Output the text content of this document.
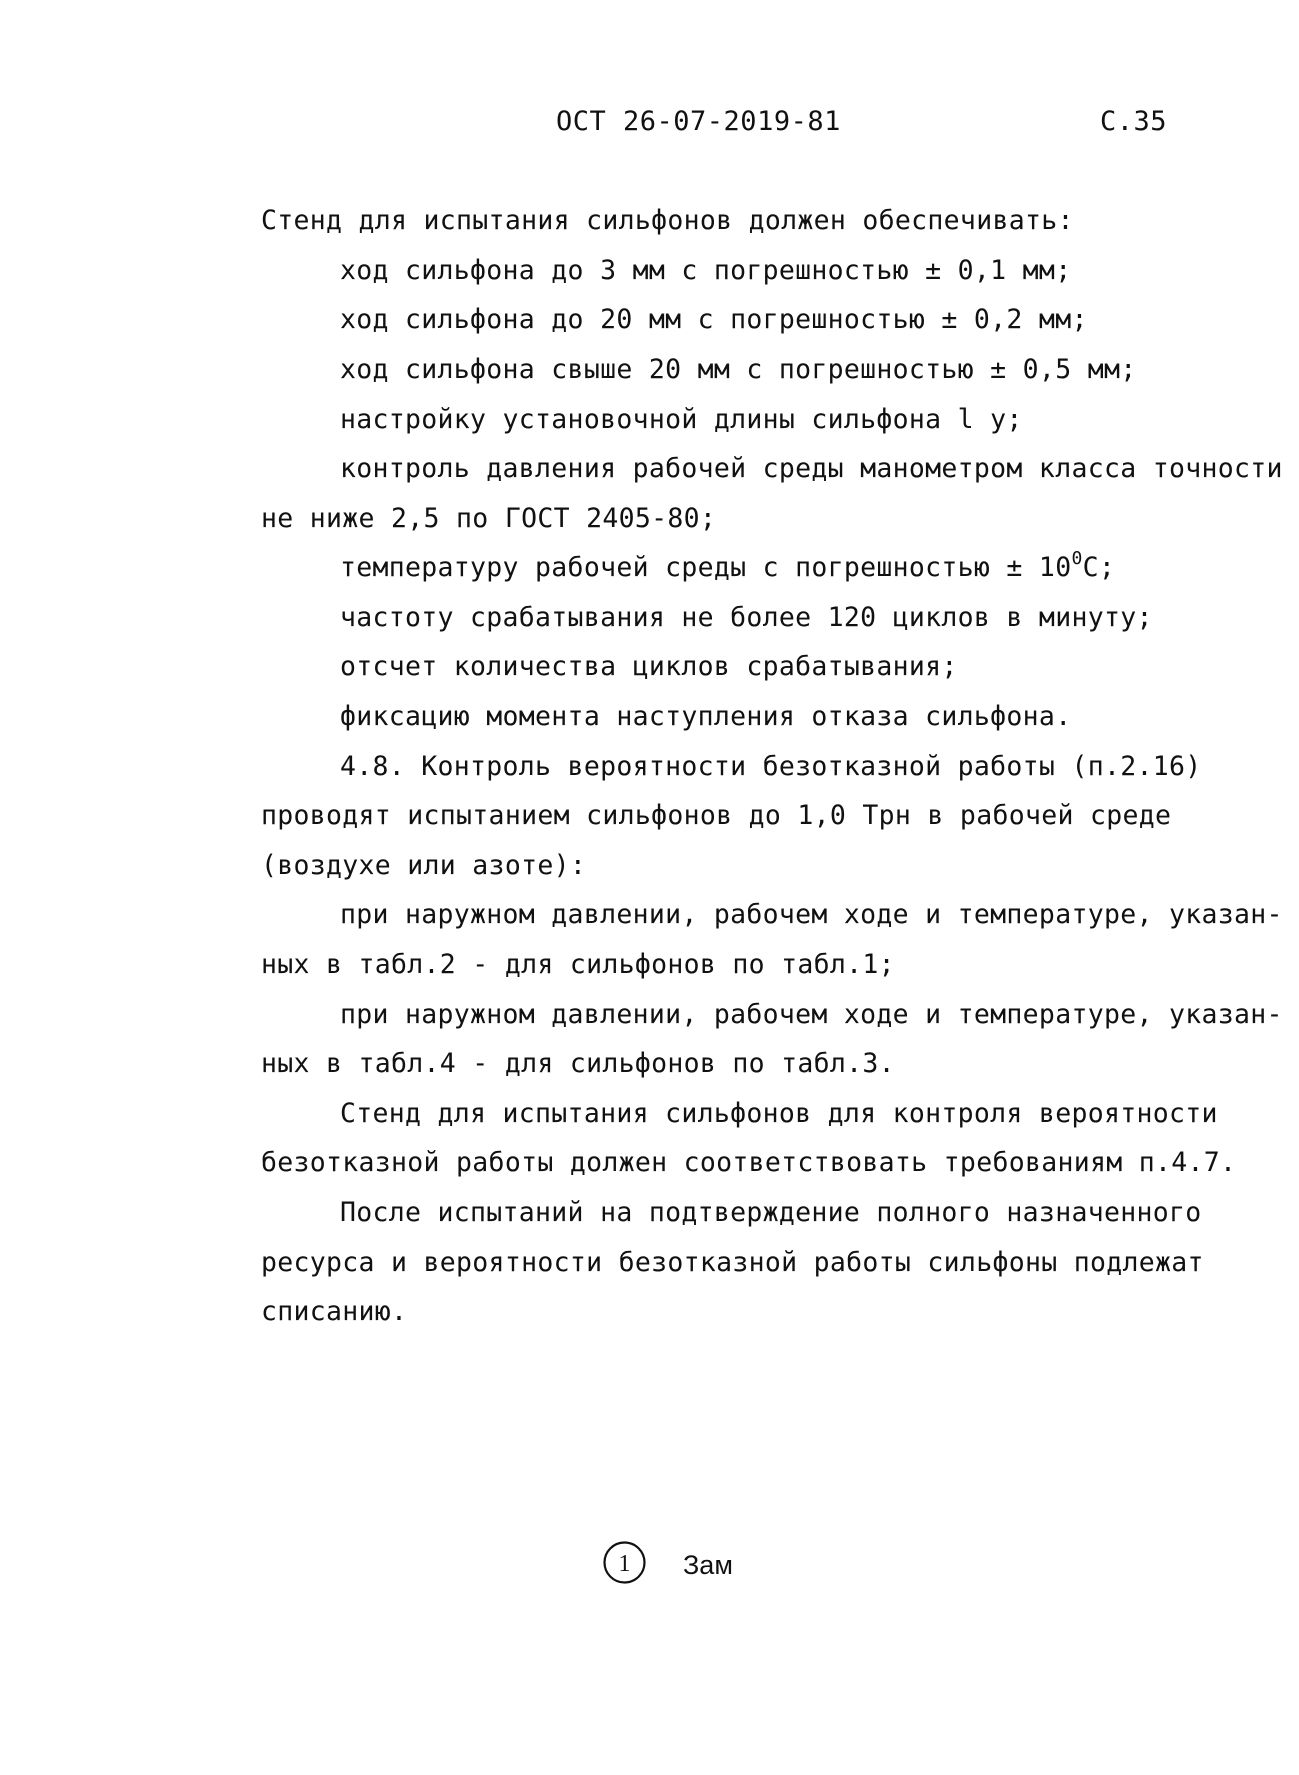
ОСТ 26-07-2019-81	С.35
Стенд для испытания сильфонов должен обеспечивать:
ход сильфона до 3 мм с погрешностью ± 0,1 мм;
ход сильфона до 20 мм с погрешностью ± 0,2 мм;
ход сильфона свыше 20 мм с погрешностью ± 0,5 мм;
настройку установочной длины сильфона l у;
контроль давления рабочей среды манометром класса точности
не ниже 2,5 по ГОСТ 2405-80;
температуру рабочей среды с погрешностью ± $10^0С$;
частоту срабатывания не более 120 циклов в минуту;
отсчет количества циклов срабатывания;
фиксацию момента наступления отказа сильфона.
4.8. Контроль вероятности безотказной работы (п.2.16)
проводят испытанием сильфонов до 1,0 Трн в рабочей среде
(воздухе или азоте):
при наружном давлении, рабочем ходе и температуре, указан-
ных в табл.2 - для сильфонов по табл.1;
при наружном давлении, рабочем ходе и температуре, указан-
ных в табл.4 - для сильфонов по табл.3.
Стенд для испытания сильфонов для контроля вероятности
безотказной работы должен соответствовать требованиям п.4.7.
После испытаний на подтверждение полного назначенного
ресурса и вероятности безотказной работы сильфоны подлежат
списанию.
1 Зам
